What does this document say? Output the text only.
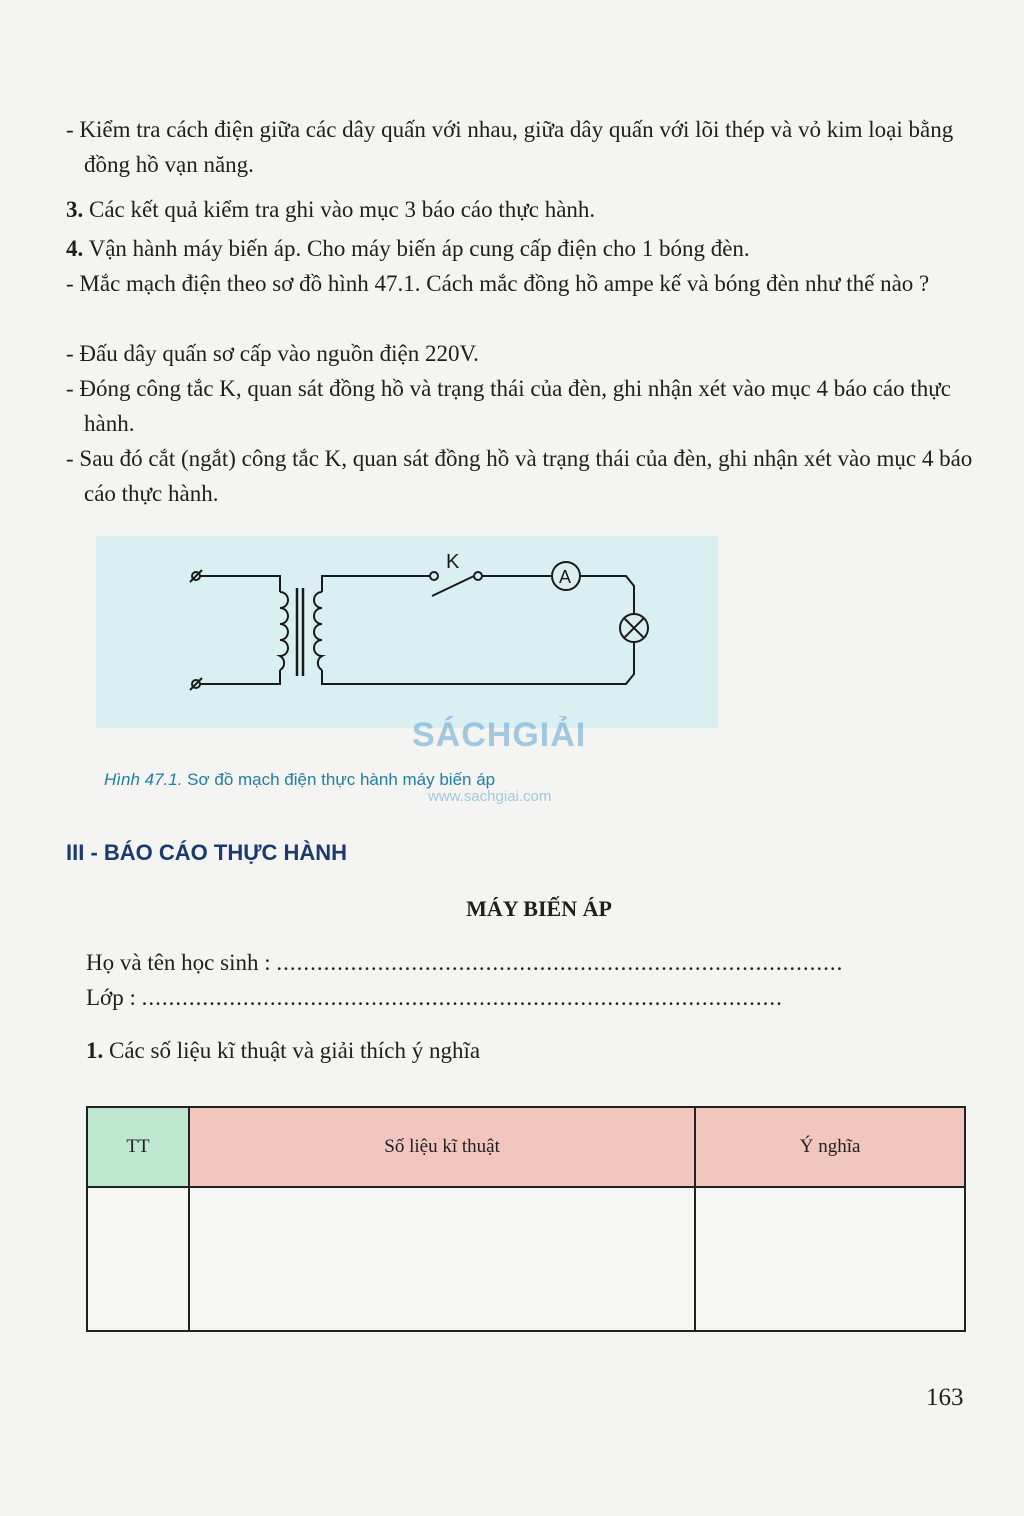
- Kiểm tra cách điện giữa các dây quấn với nhau, giữa dây quấn với lõi thép và vỏ kim loại bằng đồng hồ vạn năng.

3. Các kết quả kiểm tra ghi vào mục 3 báo cáo thực hành.

4. Vận hành máy biến áp. Cho máy biến áp cung cấp điện cho 1 bóng đèn.

- Mắc mạch điện theo sơ đồ hình 47.1. Cách mắc đồng hồ ampe kế và bóng đèn như thế nào ?

- Đấu dây quấn sơ cấp vào nguồn điện 220V.

- Đóng công tắc K, quan sát đồng hồ và trạng thái của đèn, ghi nhận xét vào mục 4 báo cáo thực hành.

- Sau đó cắt (ngắt) công tắc K, quan sát đồng hồ và trạng thái của đèn, ghi nhận xét vào mục 4 báo cáo thực hành.

K
A
SÁCHGIẢI
www.sachgiai.com
Hình 47.1. Sơ đồ mạch điện thực hành máy biến áp
III - BÁO CÁO THỰC HÀNH
MÁY BIẾN ÁP
Họ và tên học sinh : ....................................................................................
Lớp : ...............................................................................................
1. Các số liệu kĩ thuật và giải thích ý nghĩa
TT	Số liệu kĩ thuật	Ý nghĩa

163
